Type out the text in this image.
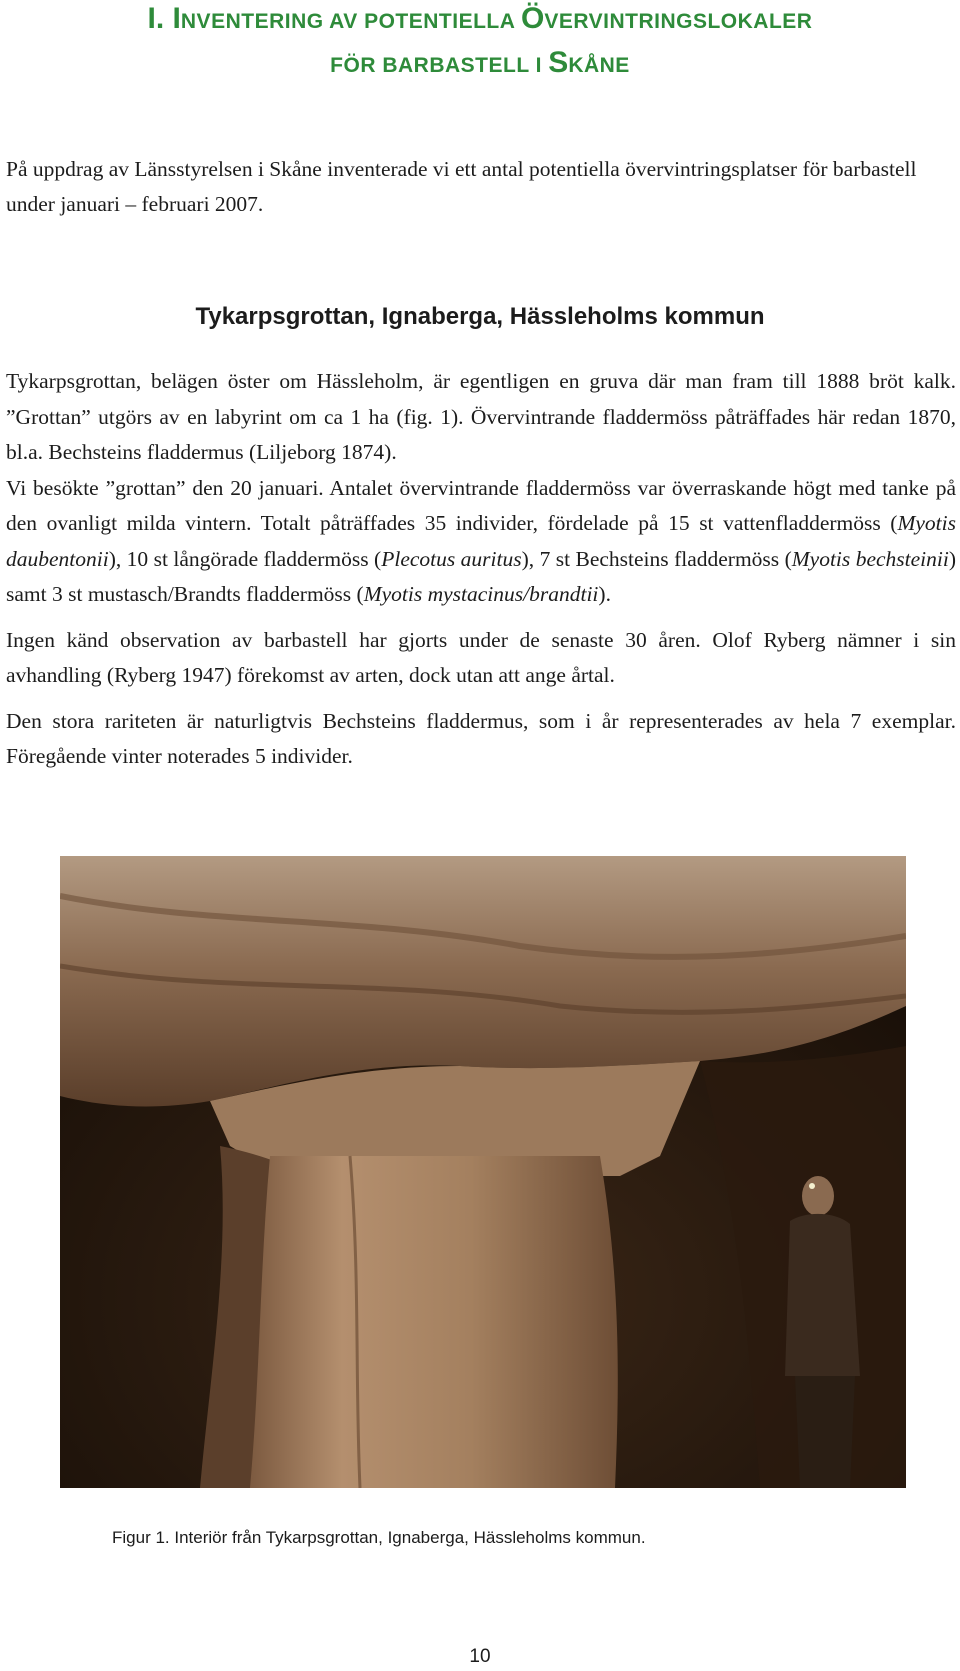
I. INVENTERING AV POTENTIELLA ÖVERVINTRINGSLOKALER
FÖR BARBASTELL I SKÅNE

På uppdrag av Länsstyrelsen i Skåne inventerade vi ett antal potentiella övervintringsplatser för barbastell under januari – februari 2007.

Tykarpsgrottan, Ignaberga, Hässleholms kommun

Tykarpsgrottan, belägen öster om Hässleholm, är egentligen en gruva där man fram till 1888 bröt kalk. ”Grottan” utgörs av en labyrint om ca 1 ha (fig. 1). Övervintrande fladdermöss påträffades här redan 1870, bl.a. Bechsteins fladdermus (Liljeborg 1874).

Vi besökte ”grottan” den 20 januari. Antalet övervintrande fladdermöss var överraskande högt med tanke på den ovanligt milda vintern. Totalt påträffades 35 individer, fördelade på 15 st vattenfladdermöss (Myotis daubentonii), 10 st långörade fladdermöss (Plecotus auritus), 7 st Bechsteins fladdermöss (Myotis bechsteinii) samt 3 st mustasch/Brandts fladdermöss (Myotis mystacinus/brandtii).

Ingen känd observation av barbastell har gjorts under de senaste 30 åren. Olof Ryberg nämner i sin avhandling (Ryberg 1947) förekomst av arten, dock utan att ange årtal.

Den stora rariteten är naturligtvis Bechsteins fladdermus, som i år representerades av hela 7 exemplar. Föregående vinter noterades 5 individer.

Figur 1. Interiör från Tykarpsgrottan, Ignaberga, Hässleholms kommun.
10
